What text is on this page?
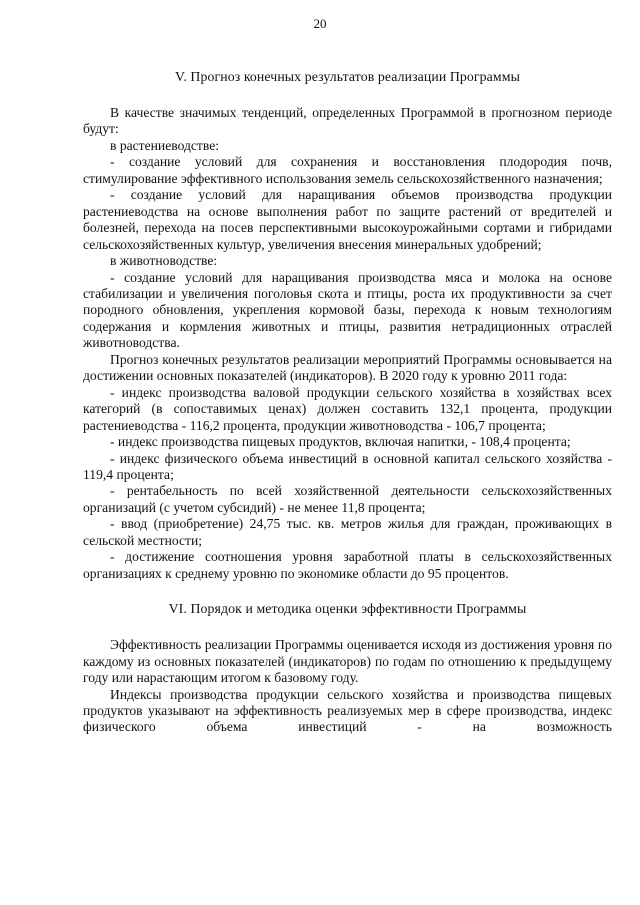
20
V. Прогноз конечных результатов реализации Программы

В качестве значимых тенденций, определенных Программой в прогнозном периоде будут:

в растениеводстве:

- создание условий для сохранения и восстановления плодородия почв, стимулирование эффективного использования земель сельскохозяйственного назначения;

- создание условий для наращивания объемов производства продукции растениеводства на основе выполнения работ по защите растений от вредителей и болезней, перехода на посев перспективными высокоурожайными сортами и гибридами сельскохозяйственных культур, увеличения внесения минеральных удобрений;

в животноводстве:

- создание условий для наращивания производства мяса и молока на основе стабилизации и увеличения поголовья скота и птицы, роста их продуктивности за счет породного обновления, укрепления кормовой базы, перехода к новым технологиям содержания и кормления животных и птицы, развития нетрадиционных отраслей животноводства.

Прогноз конечных результатов реализации мероприятий Программы основывается на достижении основных показателей (индикаторов). В 2020 году к уровню 2011 года:

- индекс производства валовой продукции сельского хозяйства в хозяйствах всех категорий (в сопоставимых ценах) должен составить 132,1 процента, продукции растениеводства - 116,2 процента, продукции животноводства - 106,7 процента;

- индекс производства пищевых продуктов, включая напитки, - 108,4 процента;

- индекс физического объема инвестиций в основной капитал сельского хозяйства - 119,4 процента;

- рентабельность по всей хозяйственной деятельности сельскохозяйственных организаций (с учетом субсидий) - не менее 11,8 процента;

- ввод (приобретение) 24,75 тыс. кв. метров жилья для граждан, проживающих в сельской местности;

- достижение соотношения уровня заработной платы в сельскохозяйственных организациях к среднему уровню по экономике области до 95 процентов.

VI. Порядок и методика оценки эффективности Программы

Эффективность реализации Программы оценивается исходя из достижения уровня по каждому из основных показателей (индикаторов) по годам по отношению к предыдущему году или нарастающим итогом к базовому году.

Индексы производства продукции сельского хозяйства и производства пищевых продуктов указывают на эффективность реализуемых мер в сфере производства, индекс физического объема инвестиций - на возможность
